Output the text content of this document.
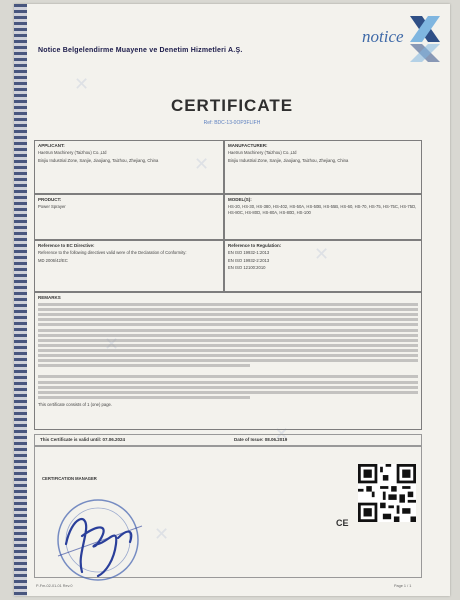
✕
✕
✕
✕
✕
Notice Belgelendirme Muayene ve Denetim Hizmetleri A.Ş.
notice
CERTIFICATE
Ref: BDC-13-0OP3FLIFH
APPLICANT:
Haetrun Machinery (Taizhou) Co.,Ltd
Binjiu Industrial Zone, Sanjie, Jiaojiang, Taizhou, Zhejiang, China
MANUFACTURER:
Haetrun Machinery (Taizhou) Co.,Ltd
Binjiu Industrial Zone, Sanjie, Jiaojiang, Taizhou, Zhejiang, China
PRODUCT:
Power Sprayer
MODEL(S):
HS-20, HS-30, HS-380, HS-402, HS-50A, HS-50B, HS-55B, HS-60, HS-70, HS-75, HS-75C, HS-75D, HS-80C, HS-80D, HS-80A, HS-80D, HS-100
Reference to EC Directive:
Reference to the following directives valid were of the Declaration of Conformity:
MD 2006/42/EC
Reference to Regulation:
EN ISO 19932-1:2013
EN ISO 19932-2:2013
EN ISO 12100:2010
REMARKS
This certificate consists of 1 (one) page.
This Certificate is valid until: 07.06.2024	Date of Issue: 08.06.2019
CERTIFICATION MANAGER
CE
P-Fm-02-01-01 Rev.0	Page 1 / 1
